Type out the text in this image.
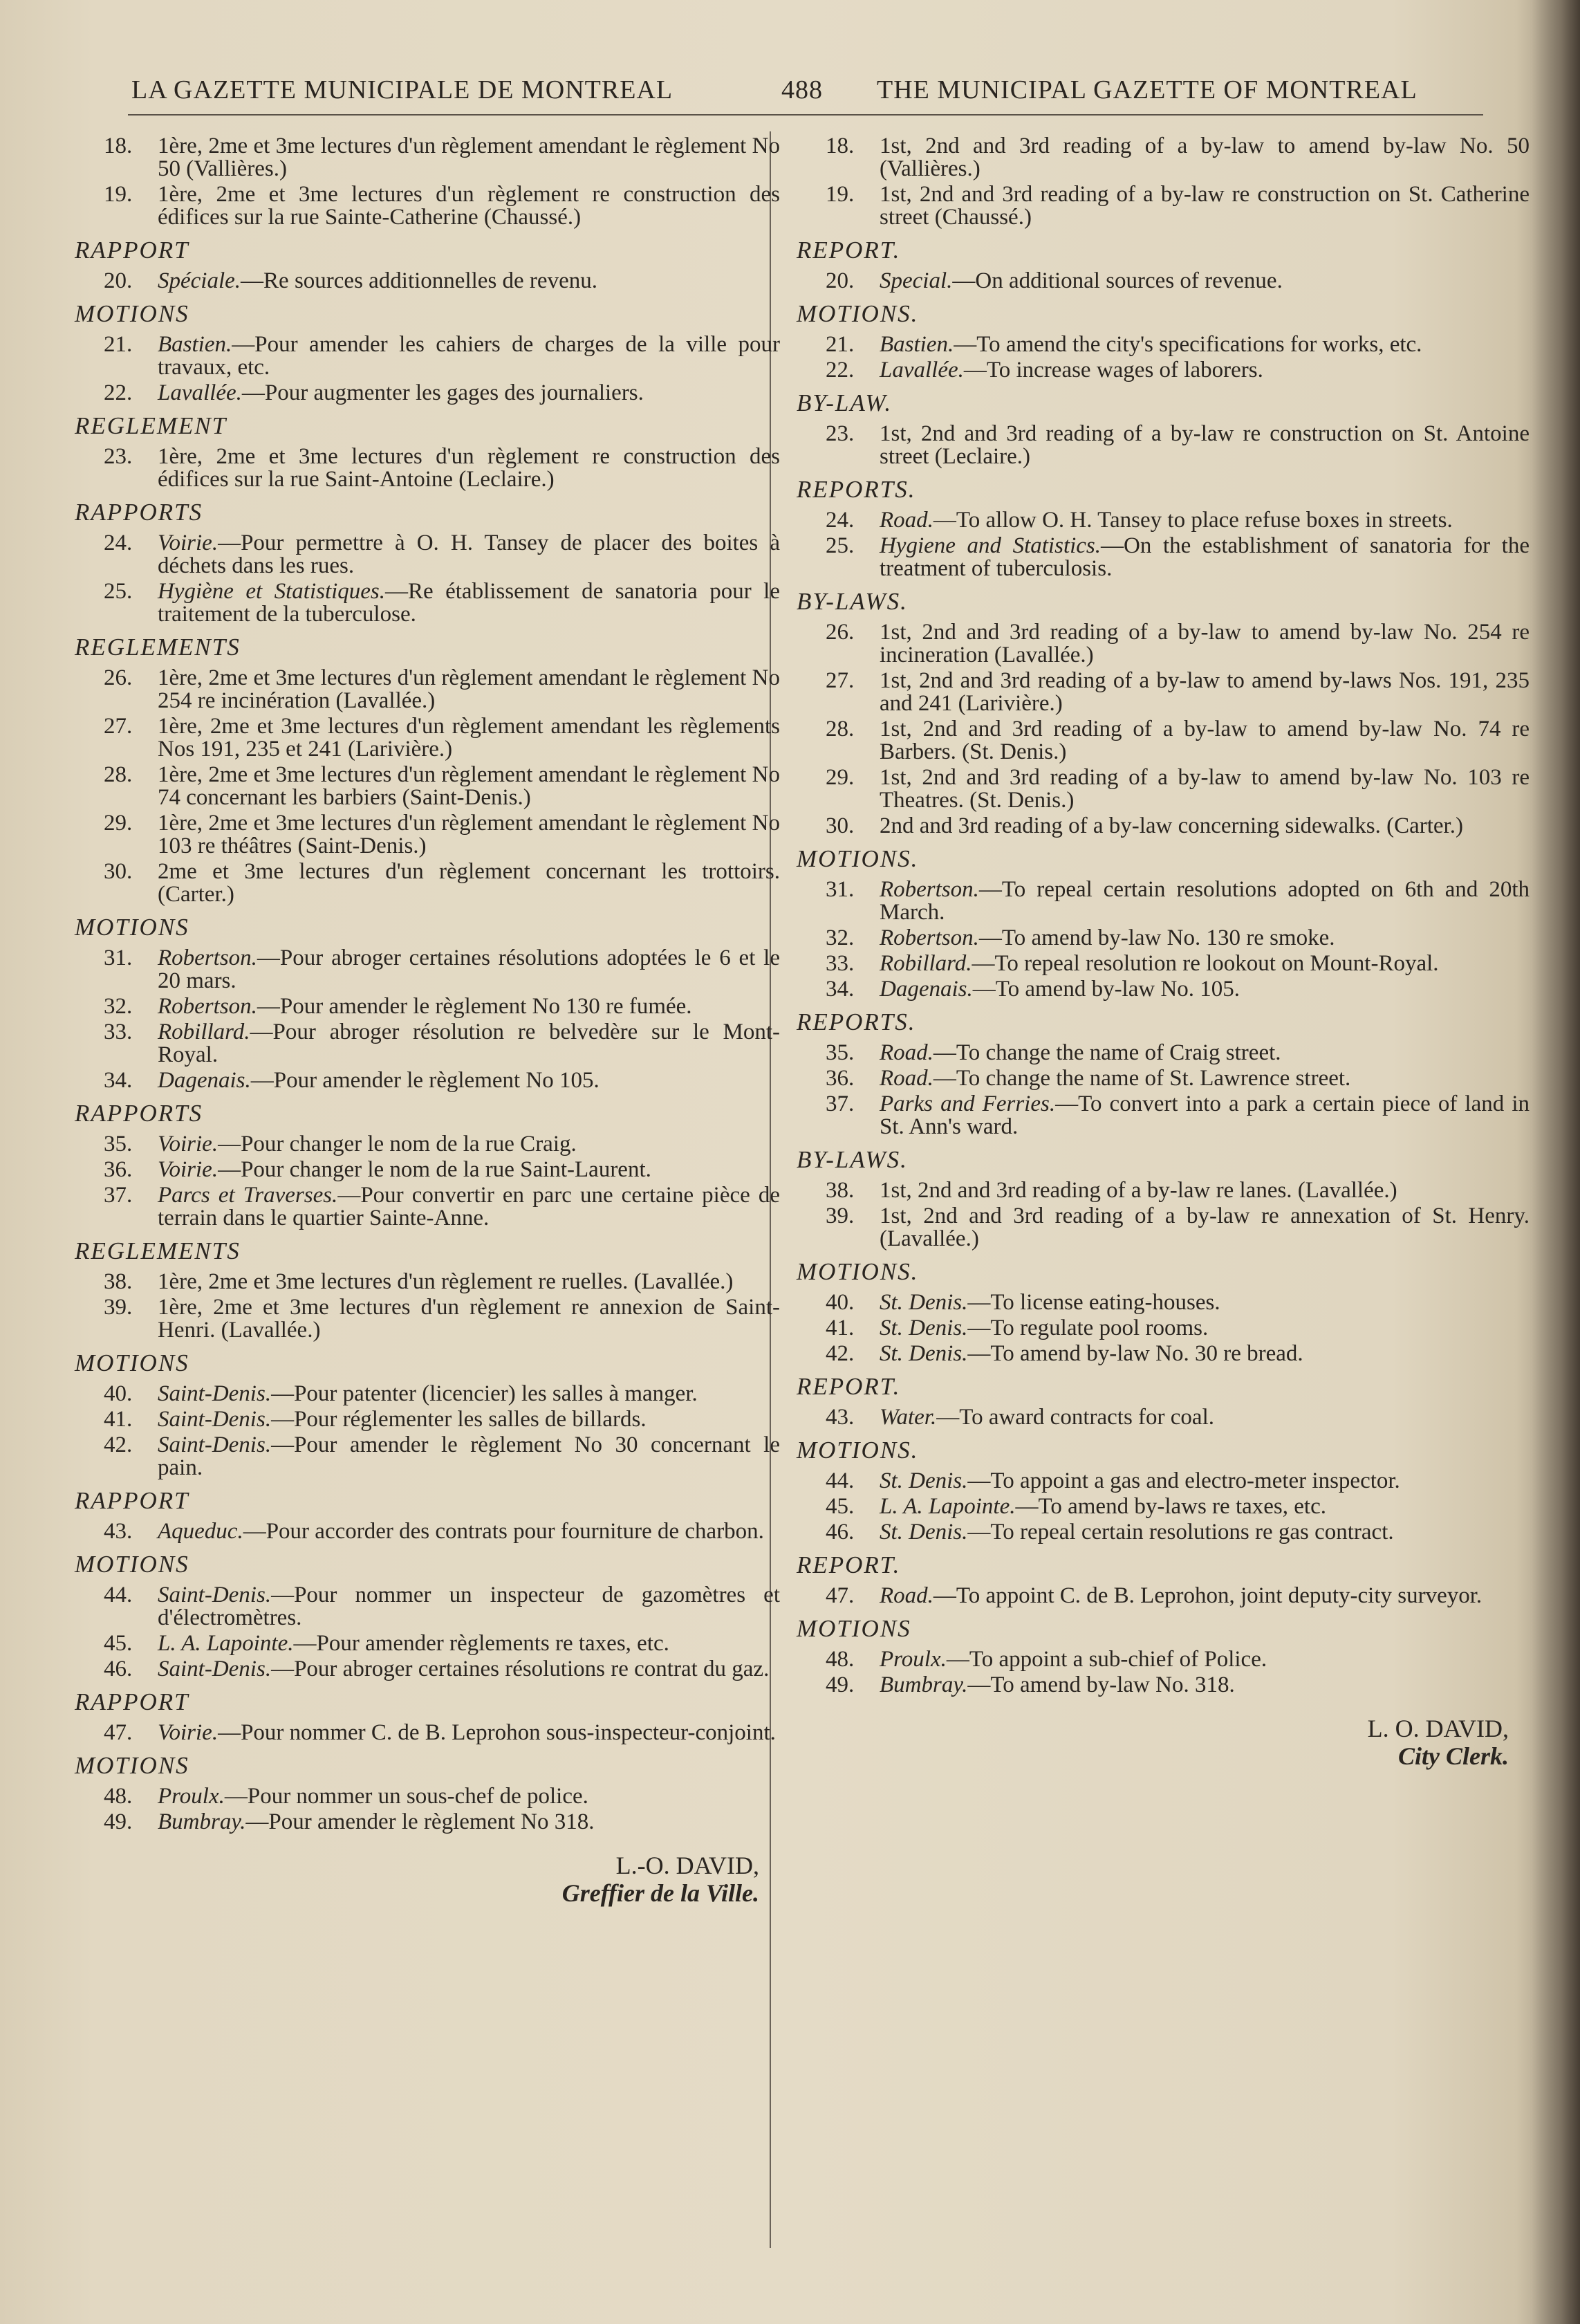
LA GAZETTE MUNICIPALE DE MONTREAL	488 THE MUNICIPAL GAZETTE OF MONTREAL
18.	1ère, 2me et 3me lectures d'un règlement amendant le règlement No 50 (Vallières.)
19.	1ère, 2me et 3me lectures d'un règlement re construction des édifices sur la rue Sainte-Catherine (Chaussé.)
RAPPORT
20.	Spéciale.—Re sources additionnelles de revenu.
MOTIONS
21.	Bastien.—Pour amender les cahiers de charges de la ville pour travaux, etc.
22.	Lavallée.—Pour augmenter les gages des journaliers.
REGLEMENT
23.	1ère, 2me et 3me lectures d'un règlement re construction des édifices sur la rue Saint-Antoine (Leclaire.)
RAPPORTS
24.	Voirie.—Pour permettre à O. H. Tansey de placer des boites à déchets dans les rues.
25.	Hygiène et Statistiques.—Re établissement de sanatoria pour le traitement de la tuberculose.
REGLEMENTS
26.	1ère, 2me et 3me lectures d'un règlement amendant le règlement No 254 re incinération (Lavallée.)
27.	1ère, 2me et 3me lectures d'un règlement amendant les règlements Nos 191, 235 et 241 (Larivière.)
28.	1ère, 2me et 3me lectures d'un règlement amendant le règlement No 74 concernant les barbiers (Saint-Denis.)
29.	1ère, 2me et 3me lectures d'un règlement amendant le règlement No 103 re théâtres (Saint-Denis.)
30.	2me et 3me lectures d'un règlement concernant les trottoirs. (Carter.)
MOTIONS
31.	Robertson.—Pour abroger certaines résolutions adoptées le 6 et le 20 mars.
32.	Robertson.—Pour amender le règlement No 130 re fumée.
33.	Robillard.—Pour abroger résolution re belvedère sur le Mont-Royal.
34.	Dagenais.—Pour amender le règlement No 105.
RAPPORTS
35.	Voirie.—Pour changer le nom de la rue Craig.
36.	Voirie.—Pour changer le nom de la rue Saint-Laurent.
37.	Parcs et Traverses.—Pour convertir en parc une certaine pièce de terrain dans le quartier Sainte-Anne.
REGLEMENTS
38.	1ère, 2me et 3me lectures d'un règlement re ruelles. (Lavallée.)
39.	1ère, 2me et 3me lectures d'un règlement re annexion de Saint-Henri. (Lavallée.)
MOTIONS
40.	Saint-Denis.—Pour patenter (licencier) les salles à manger.
41.	Saint-Denis.—Pour réglementer les salles de billards.
42.	Saint-Denis.—Pour amender le règlement No 30 concernant le pain.
RAPPORT
43.	Aqueduc.—Pour accorder des contrats pour fourniture de charbon.
MOTIONS
44.	Saint-Denis.—Pour nommer un inspecteur de gazomètres et d'électromètres.
45.	L. A. Lapointe.—Pour amender règlements re taxes, etc.
46.	Saint-Denis.—Pour abroger certaines résolutions re contrat du gaz.
RAPPORT
47.	Voirie.—Pour nommer C. de B. Leprohon sous-inspecteur-conjoint.
MOTIONS
48.	Proulx.—Pour nommer un sous-chef de police.
49.	Bumbray.—Pour amender le règlement No 318.
L.-O. DAVID,
Greffier de la Ville.
18.	1st, 2nd and 3rd reading of a by-law to amend by-law No. 50 (Vallières.)
19.	1st, 2nd and 3rd reading of a by-law re construction on St. Catherine street (Chaussé.)
REPORT.
20.	Special.—On additional sources of revenue.
MOTIONS.
21.	Bastien.—To amend the city's specifications for works, etc.
22.	Lavallée.—To increase wages of laborers.
BY-LAW.
23.	1st, 2nd and 3rd reading of a by-law re construction on St. Antoine street (Leclaire.)
REPORTS.
24.	Road.—To allow O. H. Tansey to place refuse boxes in streets.
25.	Hygiene and Statistics.—On the establishment of sanatoria for the treatment of tuberculosis.
BY-LAWS.
26.	1st, 2nd and 3rd reading of a by-law to amend by-law No. 254 re incineration (Lavallée.)
27.	1st, 2nd and 3rd reading of a by-law to amend by-laws Nos. 191, 235 and 241 (Larivière.)
28.	1st, 2nd and 3rd reading of a by-law to amend by-law No. 74 re Barbers. (St. Denis.)
29.	1st, 2nd and 3rd reading of a by-law to amend by-law No. 103 re Theatres. (St. Denis.)
30.	2nd and 3rd reading of a by-law concerning sidewalks. (Carter.)
MOTIONS.
31.	Robertson.—To repeal certain resolutions adopted on 6th and 20th March.
32.	Robertson.—To amend by-law No. 130 re smoke.
33.	Robillard.—To repeal resolution re lookout on Mount-Royal.
34.	Dagenais.—To amend by-law No. 105.
REPORTS.
35.	Road.—To change the name of Craig street.
36.	Road.—To change the name of St. Lawrence street.
37.	Parks and Ferries.—To convert into a park a certain piece of land in St. Ann's ward.
BY-LAWS.
38.	1st, 2nd and 3rd reading of a by-law re lanes. (Lavallée.)
39.	1st, 2nd and 3rd reading of a by-law re annexation of St. Henry. (Lavallée.)
MOTIONS.
40.	St. Denis.—To license eating-houses.
41.	St. Denis.—To regulate pool rooms.
42.	St. Denis.—To amend by-law No. 30 re bread.
REPORT.
43.	Water.—To award contracts for coal.
MOTIONS.
44.	St. Denis.—To appoint a gas and electro-meter inspector.
45.	L. A. Lapointe.—To amend by-laws re taxes, etc.
46.	St. Denis.—To repeal certain resolutions re gas contract.
REPORT.
47.	Road.—To appoint C. de B. Leprohon, joint deputy-city surveyor.
MOTIONS
48.	Proulx.—To appoint a sub-chief of Police.
49.	Bumbray.—To amend by-law No. 318.
L. O. DAVID,
City Clerk.
